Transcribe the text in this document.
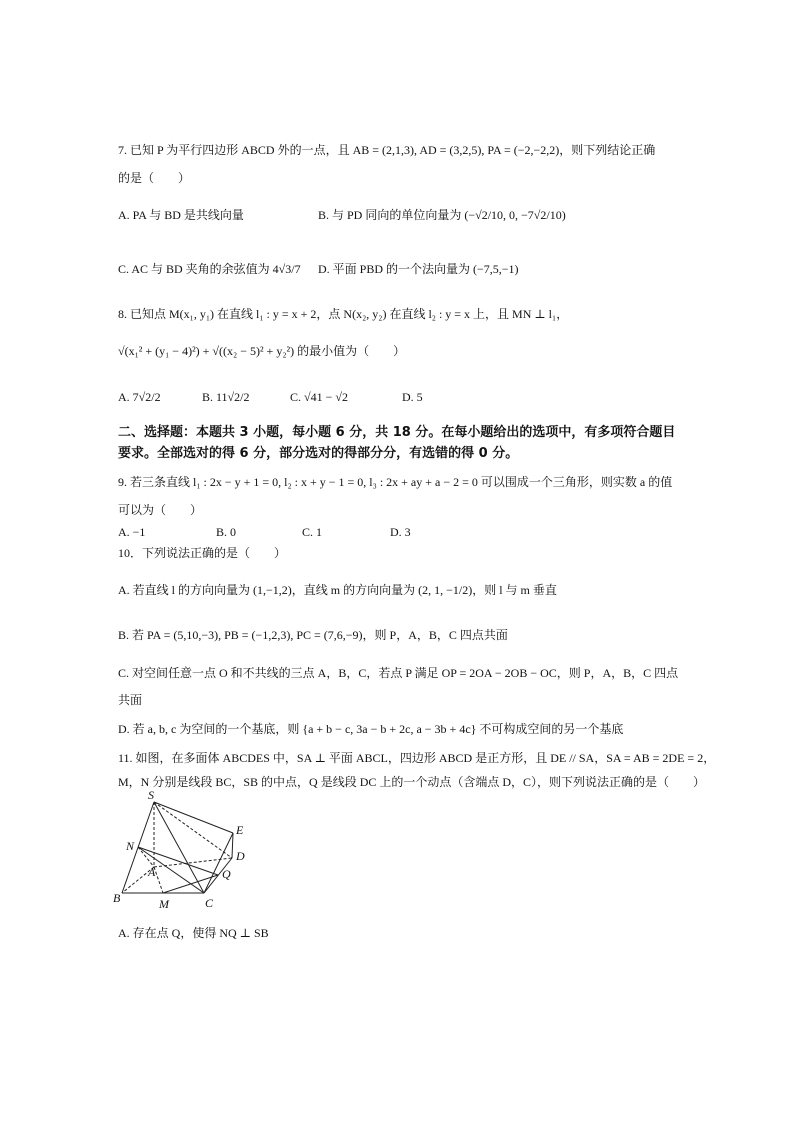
7. 已知 P 为平行四边形 ABCD 外的一点，且 AB = (2,1,3), AD = (3,2,5), PA = (−2,−2,2)，则下列结论正确
的是（　　）
A. PA 与 BD 是共线向量	B. 与 PD 同向的单位向量为 (−√2/10, 0, −7√2/10)
C. AC 与 BD 夹角的余弦值为 4√3/7 D. 平面 PBD 的一个法向量为 (−7,5,−1)
8. 已知点 M(x₁, y₁) 在直线 l₁ : y = x + 2，点 N(x₂, y₂) 在直线 l₂ : y = x 上，且 MN ⊥ l₁，
√(x₁² + (y₁ − 4)²) + √((x₂ − 5)² + y₂²) 的最小值为（　　）
A. 7√2/2	B. 11√2/2	C. √41 − √2	D. 5
二、选择题：本题共 3 小题，每小题 6 分，共 18 分。在每小题给出的选项中，有多项符合题目
要求。全部选对的得 6 分，部分选对的得部分分，有选错的得 0 分。
9. 若三条直线 l₁ : 2x − y + 1 = 0, l₂ : x + y − 1 = 0, l₃ : 2x + ay + a − 2 = 0 可以围成一个三角形，则实数 a 的值
可以为（　　）
A. −1	B. 0	C. 1	D. 3
10．下列说法正确的是（　　）
A. 若直线 l 的方向向量为 (1,−1,2)，直线 m 的方向向量为 (2, 1, −1/2)，则 l 与 m 垂直
B. 若 PA = (5,10,−3), PB = (−1,2,3), PC = (7,6,−9)，则 P，A，B，C 四点共面
C. 对空间任意一点 O 和不共线的三点 A，B，C，若点 P 满足 OP = 2OA − 2OB − OC，则 P，A，B，C 四点
共面
D. 若 a, b, c 为空间的一个基底，则 {a + b − c, 3a − b + 2c, a − 3b + 4c} 不可构成空间的另一个基底
11. 如图，在多面体 ABCDES 中，SA ⊥ 平面 ABCL，四边形 ABCD 是正方形，且 DE // SA，SA = AB = 2DE = 2，
M，N 分别是线段 BC，SB 的中点，Q 是线段 DC 上的一个动点（含端点 D，C），则下列说法正确的是（　　）
S
E
N
D
A	Q
B	M	C
A. 存在点 Q，使得 NQ ⊥ SB
